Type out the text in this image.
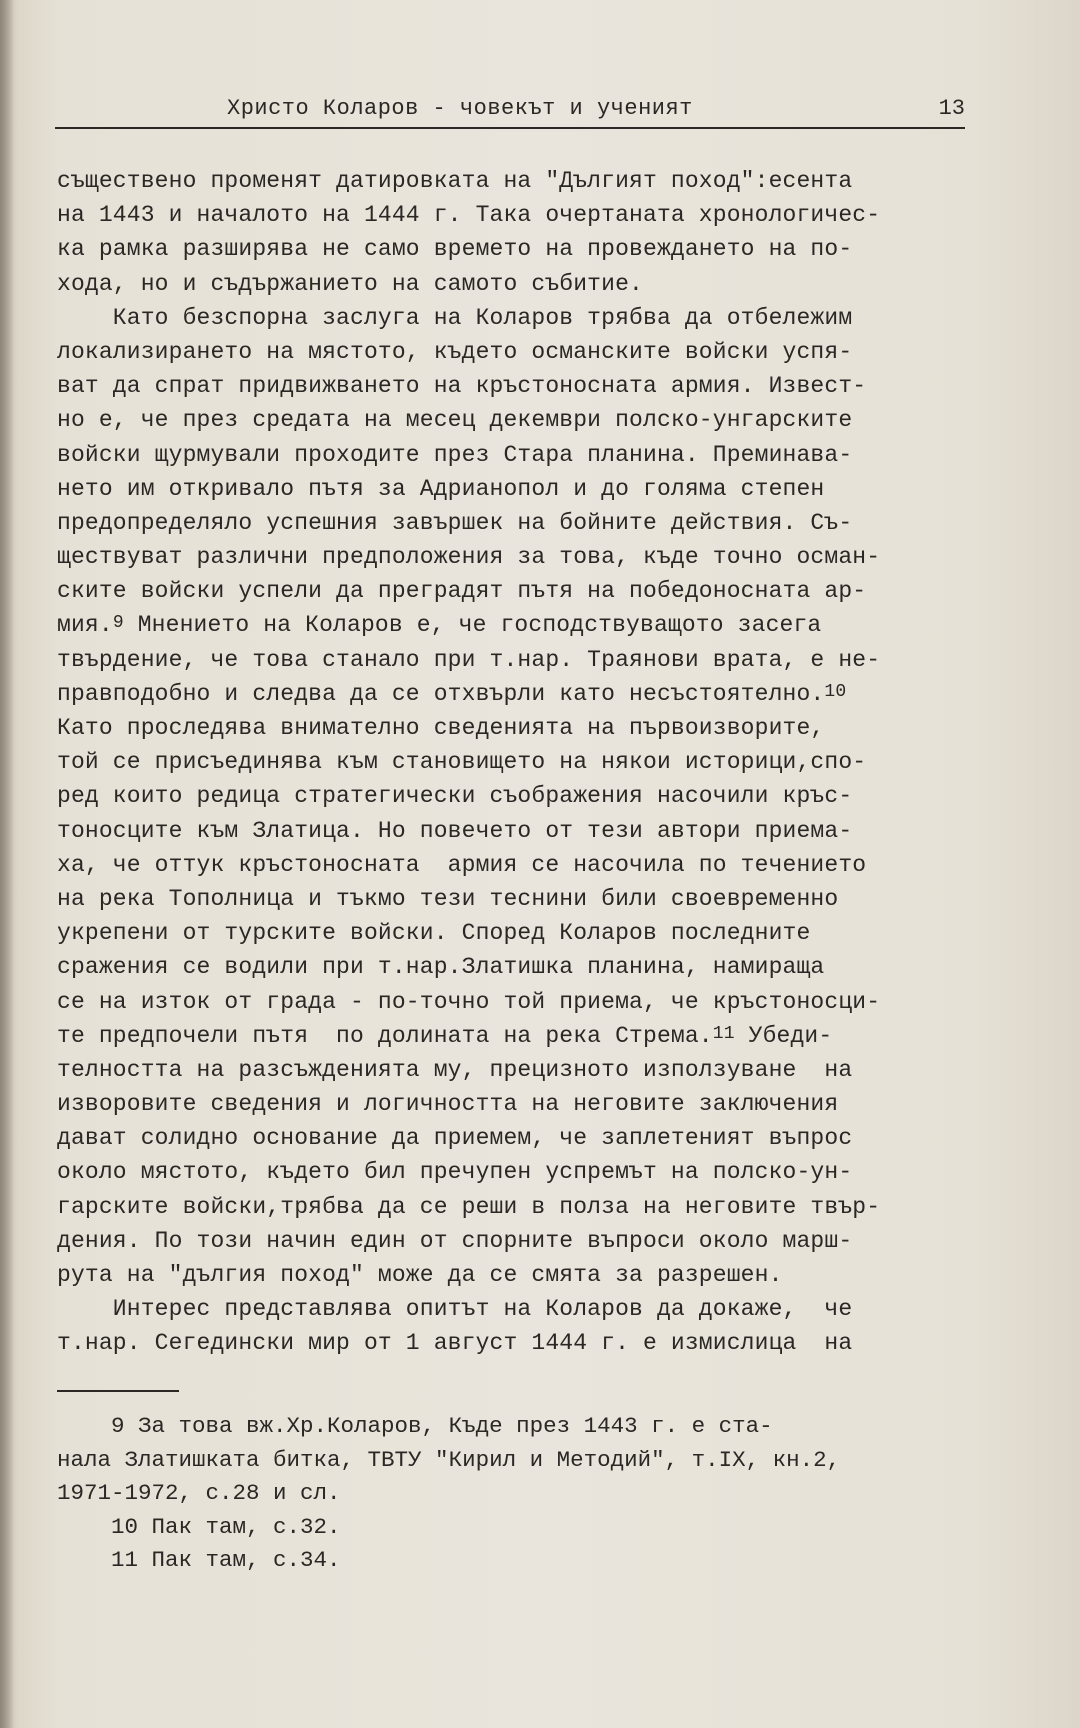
Христо Коларов - човекът и ученият	13
съществено променят датировката на "Дългият поход":есента
на 1443 и началото на 1444 г. Така очертаната хронологичес-
ка рамка разширява не само времето на провеждането на по-
хода, но и съдържанието на самото събитие.
Като безспорна заслуга на Коларов трябва да отбележим
локализирането на мястото, където османските войски успя-
ват да спрат придвижването на кръстоносната армия. Извест-
но е, че през средата на месец декември полско-унгарските
войски щурмували проходите през Стара планина. Преминава-
нето им откривало пътя за Адрианопол и до голяма степен
предопределяло успешния завършек на бойните действия. Съ-
ществуват различни предположения за това, къде точно осман-
ските войски успели да преградят пътя на победоносната ар-
мия.$^9$ Мнението на Коларов е, че господствуващото засега
твърдение, че това станало при т.нар. Траянови врата, е не-
правподобно и следва да се отхвърли като несъстоятелно.$^{10}$
Като проследява внимателно сведенията на първоизворите,
той се присъединява към становището на някои историци,спо-
ред които редица стратегически съображения насочили кръс-
тоносците към Златица. Но повечето от тези автори приема-
ха, че оттук кръстоносната  армия се насочила по течението
на река Тополница и тъкмо тези теснини били своевременно
укрепени от турските войски. Според Коларов последните
сражения се водили при т.нар.Златишка планина, намираща
се на изток от града - по-точно той приема, че кръстоносци-
те предпочели пътя  по долината на река Стрема.$^{11}$ Убеди-
телността на разсъжденията му, прецизното използуване  на
изворовите сведения и логичността на неговите заключения
дават солидно основание да приемем, че заплетеният въпрос
около мястото, където бил пречупен успремът на полско-ун-
гарските войски,трябва да се реши в полза на неговите твър-
дения. По този начин един от спорните въпроси около марш-
рута на "дългия поход" може да се смята за разрешен.
Интерес представлява опитът на Коларов да докаже,  че
т.нар. Сегедински мир от 1 август 1444 г. е измислица  на
9 За това вж.Хр.Коларов, Къде през 1443 г. е ста-
нала Златишката битка, ТВТУ "Кирил и Методий", т.IX, кн.2,
1971-1972, с.28 и сл.
10 Пак там, с.32.
11 Пак там, с.34.
